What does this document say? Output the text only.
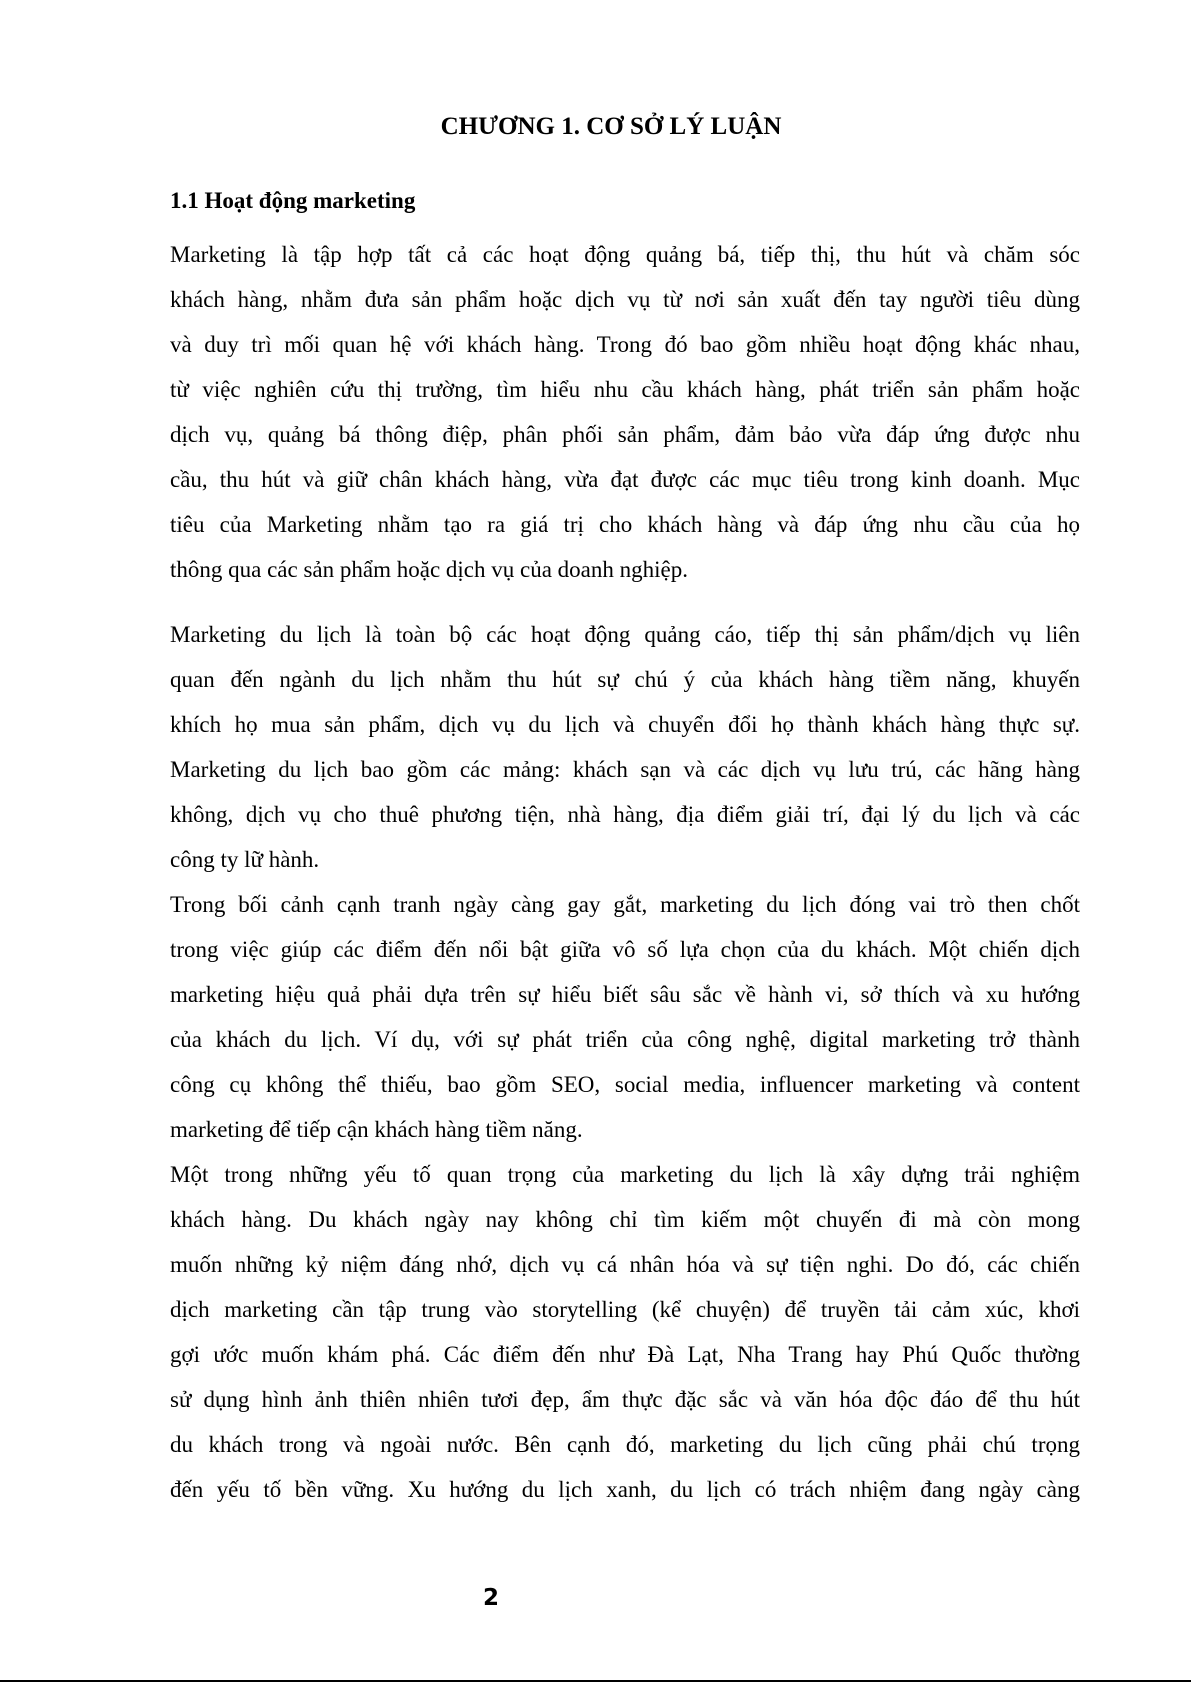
CHƯƠNG 1. CƠ SỞ LÝ LUẬN
1.1 Hoạt động marketing
Marketing là tập hợp tất cả các hoạt động quảng bá, tiếp thị, thu hút và chăm sóc
khách hàng, nhằm đưa sản phẩm hoặc dịch vụ từ nơi sản xuất đến tay người tiêu dùng
và duy trì mối quan hệ với khách hàng. Trong đó bao gồm nhiều hoạt động khác nhau,
từ việc nghiên cứu thị trường, tìm hiểu nhu cầu khách hàng, phát triển sản phẩm hoặc
dịch vụ, quảng bá thông điệp, phân phối sản phẩm, đảm bảo vừa đáp ứng được nhu
cầu, thu hút và giữ chân khách hàng, vừa đạt được các mục tiêu trong kinh doanh. Mục
tiêu của Marketing nhằm tạo ra giá trị cho khách hàng và đáp ứng nhu cầu của họ
thông qua các sản phẩm hoặc dịch vụ của doanh nghiệp.
Marketing du lịch là toàn bộ các hoạt động quảng cáo, tiếp thị sản phẩm/dịch vụ liên
quan đến ngành du lịch nhằm thu hút sự chú ý của khách hàng tiềm năng, khuyến
khích họ mua sản phẩm, dịch vụ du lịch và chuyển đổi họ thành khách hàng thực sự.
Marketing du lịch bao gồm các mảng: khách sạn và các dịch vụ lưu trú, các hãng hàng
không, dịch vụ cho thuê phương tiện, nhà hàng, địa điểm giải trí, đại lý du lịch và các
công ty lữ hành.
Trong bối cảnh cạnh tranh ngày càng gay gắt, marketing du lịch đóng vai trò then chốt
trong việc giúp các điểm đến nổi bật giữa vô số lựa chọn của du khách. Một chiến dịch
marketing hiệu quả phải dựa trên sự hiểu biết sâu sắc về hành vi, sở thích và xu hướng
của khách du lịch. Ví dụ, với sự phát triển của công nghệ, digital marketing trở thành
công cụ không thể thiếu, bao gồm SEO, social media, influencer marketing và content
marketing để tiếp cận khách hàng tiềm năng.
Một trong những yếu tố quan trọng của marketing du lịch là xây dựng trải nghiệm
khách hàng. Du khách ngày nay không chỉ tìm kiếm một chuyến đi mà còn mong
muốn những kỷ niệm đáng nhớ, dịch vụ cá nhân hóa và sự tiện nghi. Do đó, các chiến
dịch marketing cần tập trung vào storytelling (kể chuyện) để truyền tải cảm xúc, khơi
gợi ước muốn khám phá. Các điểm đến như Đà Lạt, Nha Trang hay Phú Quốc thường
sử dụng hình ảnh thiên nhiên tươi đẹp, ẩm thực đặc sắc và văn hóa độc đáo để thu hút
du khách trong và ngoài nước. Bên cạnh đó, marketing du lịch cũng phải chú trọng
đến yếu tố bền vững. Xu hướng du lịch xanh, du lịch có trách nhiệm đang ngày càng
2
